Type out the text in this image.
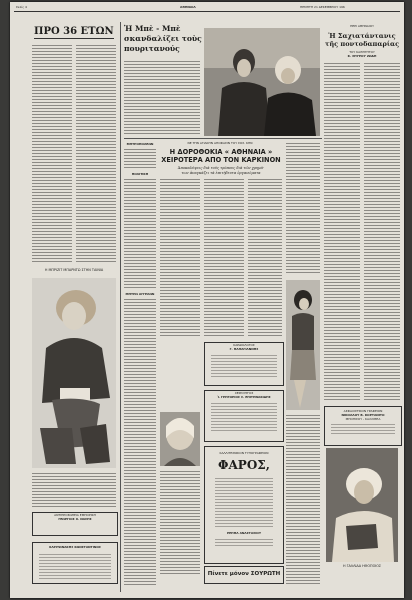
Σελίς 4	ΑΘΗΝΑΙΑ	ΠΕΜΠΤΗ 21 ΔΕΚΕΜΒΡΙΟΥ 196
ΠΡΟ 36 ΕΤΩΝ
Η ΜΠΡΙΖΙΤ ΜΠΑΡΝΤΩ ΣΤΗΝ ΤΑΙΝΙΑ
ΑΝΤΙΠΡΟΣΩΠΕΙΑ ΕΜΠΟΡΙΚΗ
ΓΕΩΡΓΙΟΣ Χ. ΝΑΣΗΣ
ΧΑΡΙΤΩΝΑΚΗΣ ΚΩΝΣΤΑΝΤΙΝΟΣ
Ἡ Μπὲ - Μπὲ
σκανδαλίζει τοὺς
πουριτανούς
ΠΕΡΙ ΑΘΗΝΑΙΟΥ
Ἡ Σαχιατάντανις
τῆς ποντοδαπαρίας
ΤΟΥ ΚΑΘΗΓΗΤΟΥ
Κ. ΣΠΥΡΟΥ ΖΩΔΗ
ΝΕ ΤΗΝ ΑΓΙΑΚΗΝ ΑΠΟΦΑΣΙΝ ΤΟΥ ΣΟΣ. ΚΗΝ
Η ΔΟΡΟΘΟΚΙΑ « ΑΘΗΝΑΙΑ »
ΧΕΙΡΟΤΕΡΑ ΑΠΟ ΤΟΝ ΚΑΡΚΙΝΟΝ
Ἀποκαλύψεις διὰ τοὺς τρόπους διὰ τῶν χρημά-
των ἀναγκάζει τὰ ἐπιτήδευτα ὀργανώματα
ΜΗΤΡΟΠΟΛΕΩΝ
ΠΟΛΙΤΙΚΗ
ΜΗΤΡΩ ΑΓΓΕΛΩΝ
ΚΑΡΔΙΟΛΟΓΟΣ
Γ. ΠΑΠΑΓΙΑΝΝΗΣ
ΧΕΙΡΟΥΡΓΟΣ
Ἰ. ΓΡΗΓΟΡΙΟΣ Σ. ΕΠΙΤΗΝΑΚΙΔΗΣ
ΚΑΛΛΙΤΕΧΝΙΚΟΝ ΤΥΠΟΓΡΑΦΕΙΟΝ
ΦΑΡΟΣ,
ΡΕΠΠΑ ΑΝΑΣΤΑΣΙΟΥ
Πίνετε μόνον ΣΟΥΡΩΤΗ
ΑΣΦΑΛΙΣΤΙΚΟΝ ΓΡΑΦΕΙΟΝ
ΝΙΚΟΛΑΟΥ Β. ΚΟΡΤΑΝΙΤΟ
ΜΠΟΠΙΣΟΥ - ΚΑΛΛΙΘΕΑ
Η ΓΑΛΛΙΔΑ ΗΘΟΠΟΙΟΣ
